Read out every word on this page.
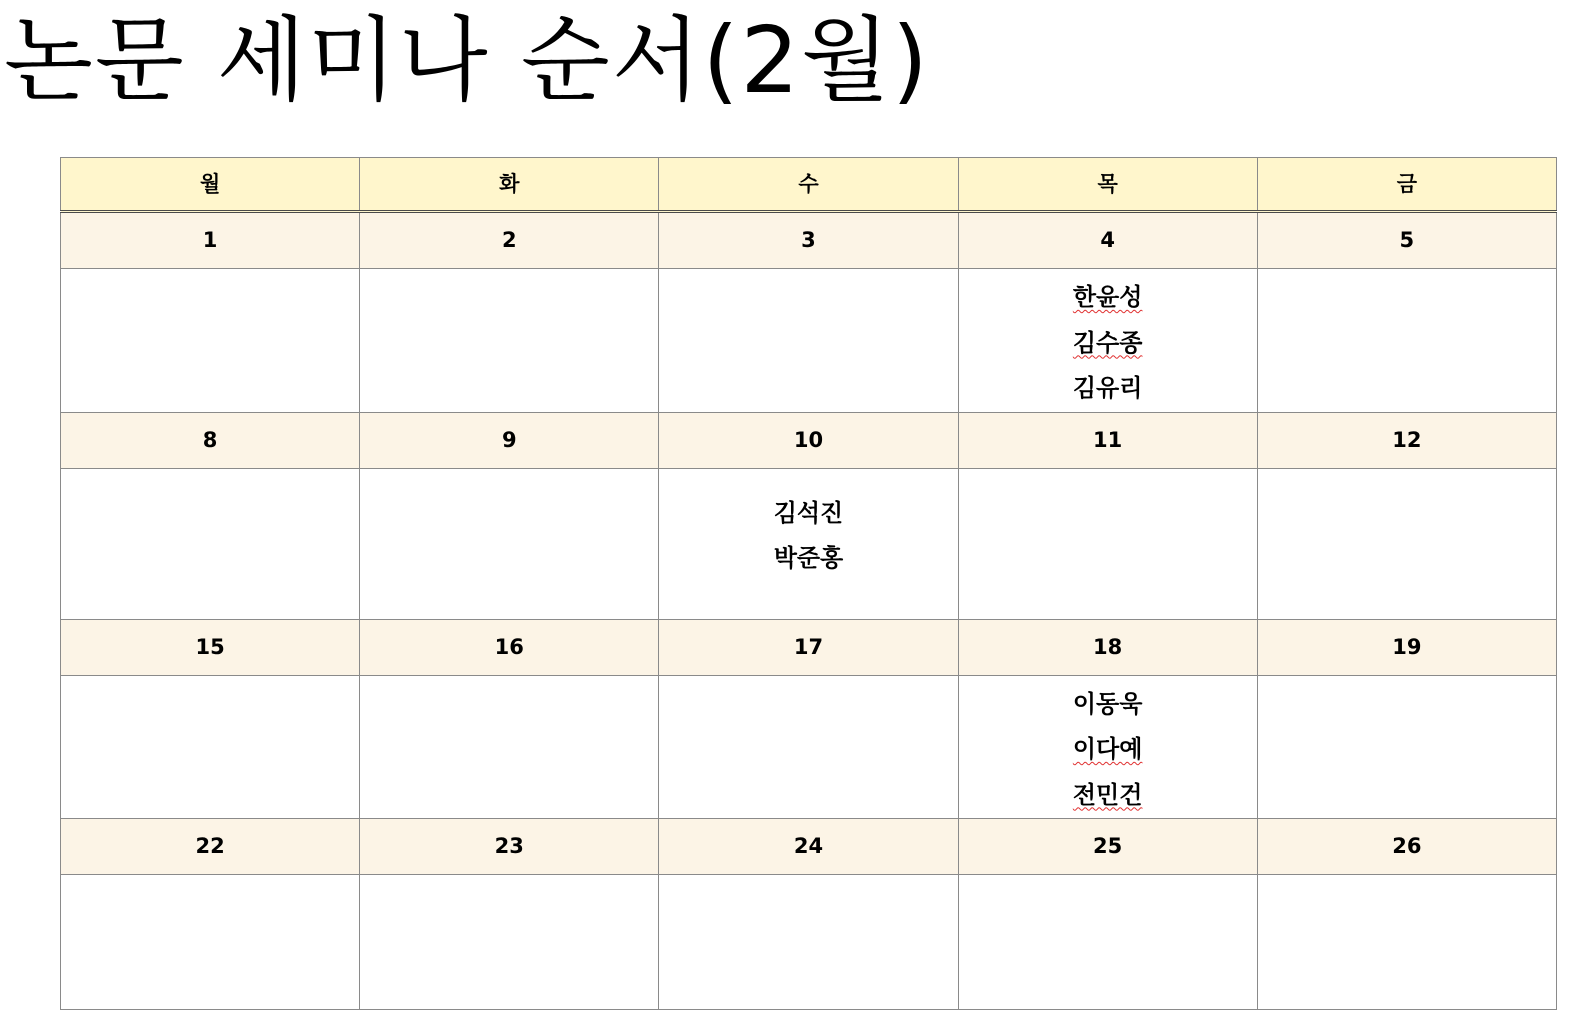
논문 세미나 순서(2월)
월	화	수	목	금
1	2	3	4	5

			한윤성
김수종
김유리	

8	9	10	11	12

		김석진
박준홍		

15	16	17	18	19

			이동욱
이다예
전민건	

22	23	24	25	26
